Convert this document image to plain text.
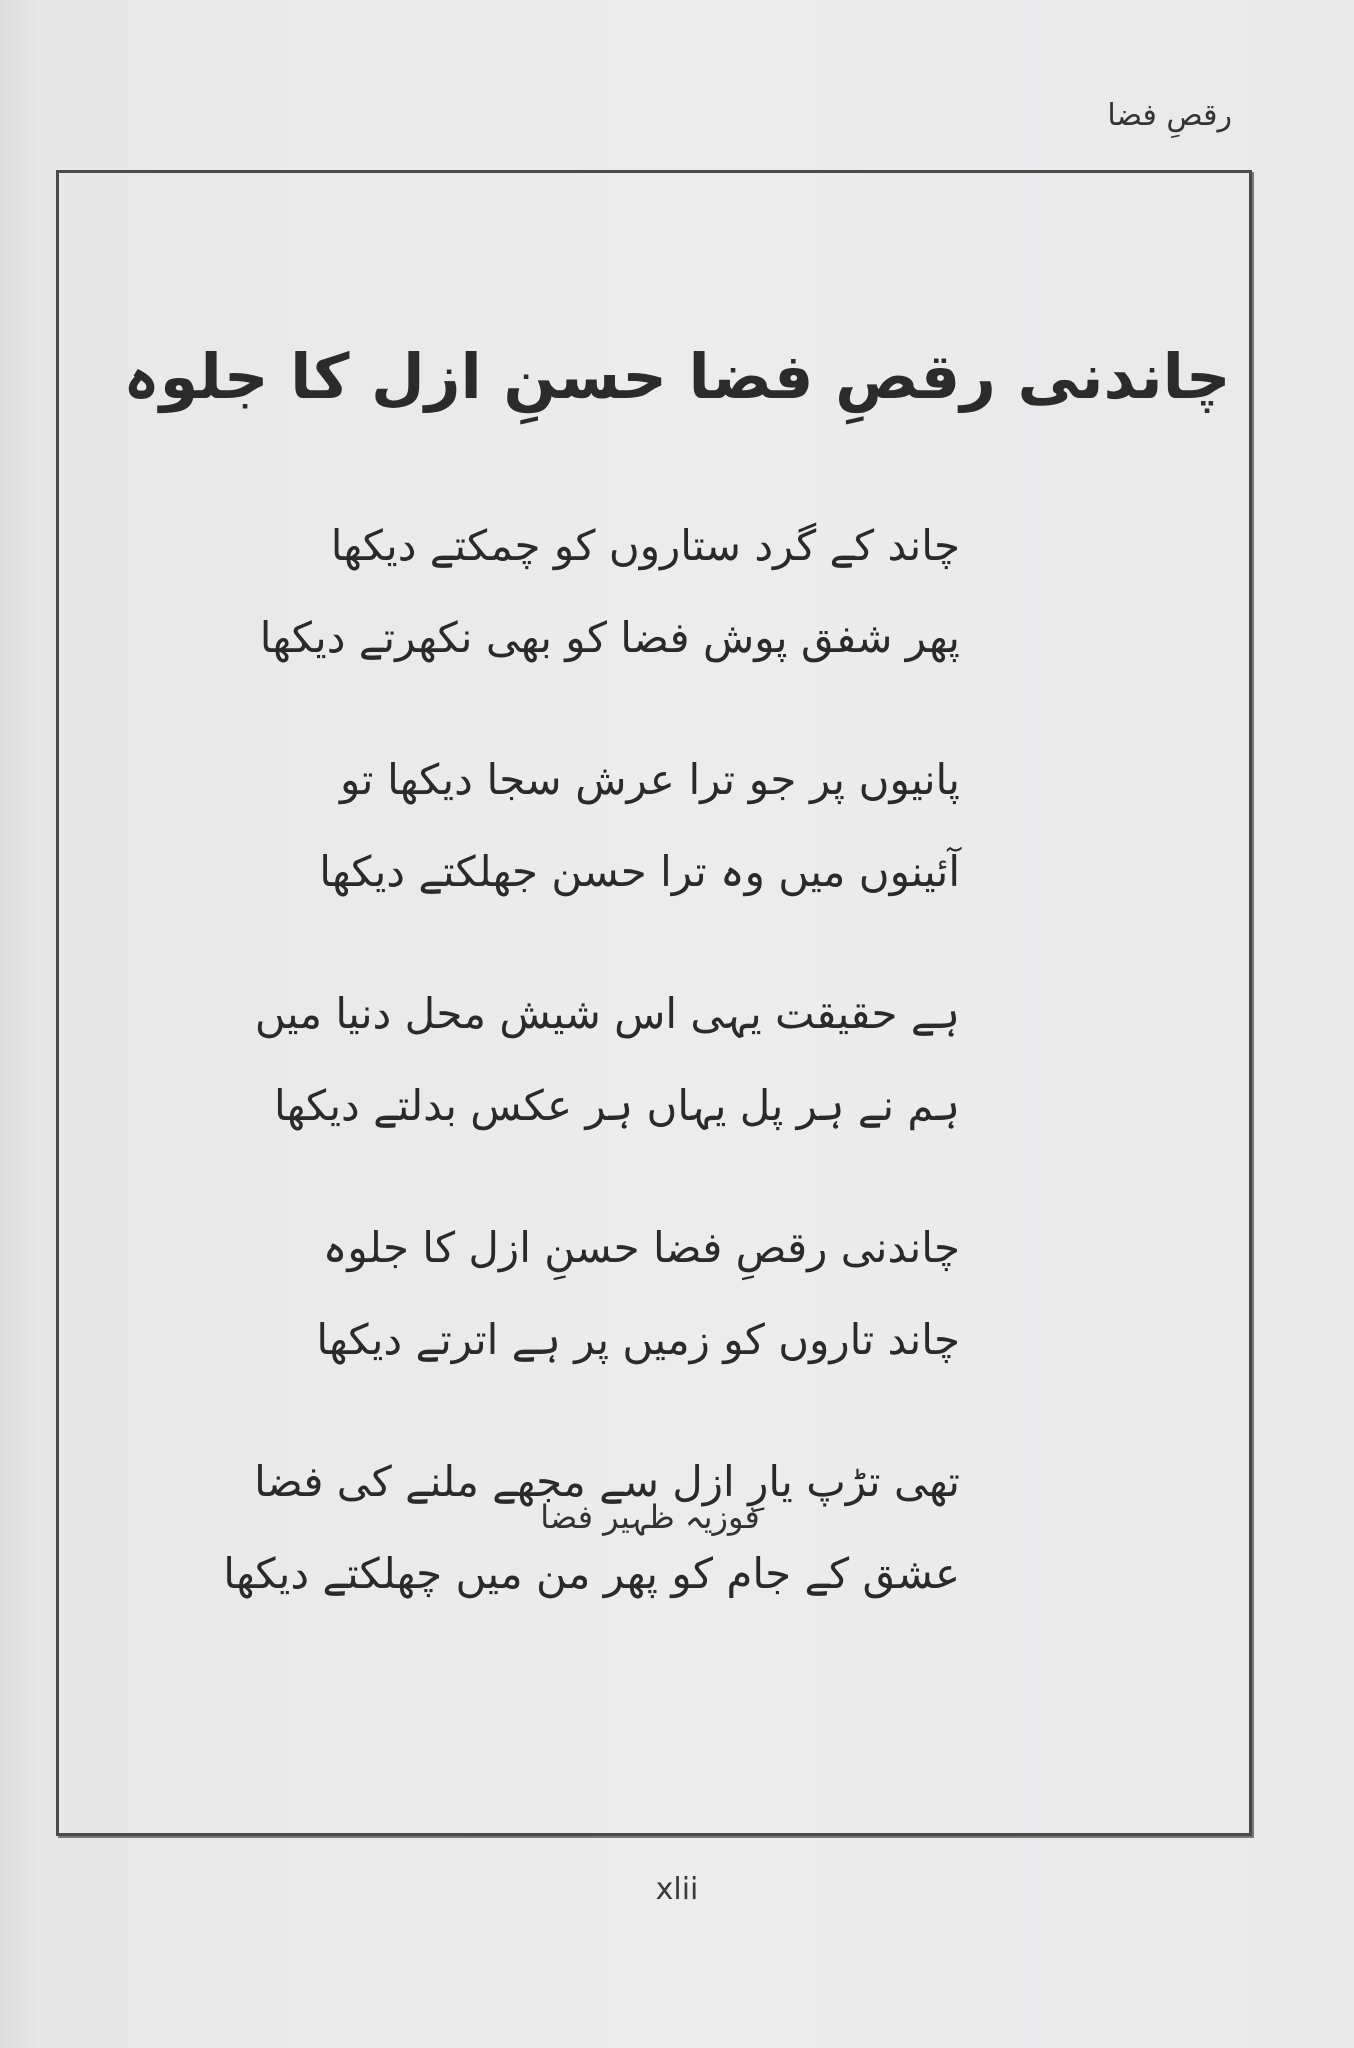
رقصِ فضا
چاندنی رقصِ فضا حسنِ ازل کا جلوہ
چاند کے گرد ستاروں کو چمکتے دیکھا
پھر شفق پوش فضا کو بھی نکھرتے دیکھا
پانیوں پر جو ترا عرش سجا دیکھا تو
آئینوں میں وہ ترا حسن جھلکتے دیکھا
ہے حقیقت یہی اس شیش محل دنیا میں
ہم نے ہر پل یہاں ہر عکس بدلتے دیکھا
چاندنی رقصِ فضا حسنِ ازل کا جلوہ
چاند تاروں کو زمیں پر ہے اترتے دیکھا
تھی تڑپ یارِ ازل سے مجھے ملنے کی فضا
عشق کے جام کو پھر من میں چھلکتے دیکھا
فوزیہ ظہیر فضا
xlii
